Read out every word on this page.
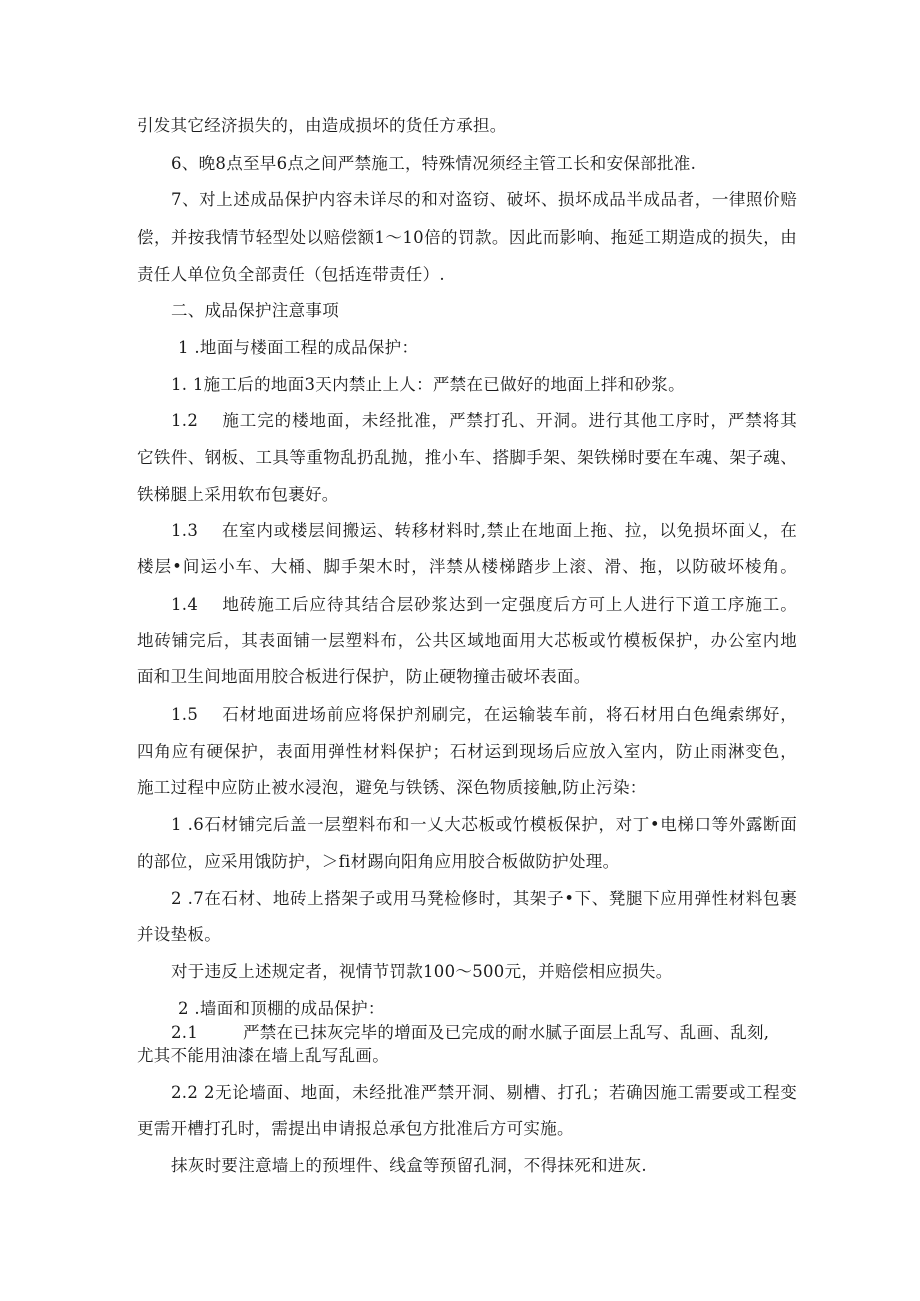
引发其它经济损失的，由造成损坏的货任方承担。
6、晚8点至早6点之间严禁施工，特殊情况须经主管工长和安保部批准.
7、对上述成品保护内容未详尽的和对盗窃、破坏、损坏成品半成品者，一律照价赔
偿，并按我情节轻型处以赔偿额1～10倍的罚款。因此而影响、拖延工期造成的损失，由
责任人单位负全部责任（包括连带责任）.
二、成品保护注意事项
1 .地面与楼面工程的成品保护：
1. 1施工后的地面3天内禁止上人：严禁在已做好的地面上拌和砂浆。
1.2　 施工完的楼地面，未经批准，严禁打孔、开洞。进行其他工序时，严禁将其
它铁件、钢板、工具等重物乱扔乱抛，推小车、搭脚手架、架铁梯时要在车魂、架子魂、
铁梯腿上采用软布包裹好。
1.3　 在室内或楼层间搬运、转移材料时,禁止在地面上拖、拉，以免损坏面乂，在
楼层•间运小车、大桶、脚手架木时，泮禁从楼梯踏步上滚、滑、拖，以防破坏棱角。
1.4　 地砖施工后应待其结合层砂浆达到一定强度后方可上人进行下道工序施工。
地砖铺完后，其表面铺一层塑料布，公共区域地面用大芯板或竹模板保护，办公室内地
面和卫生间地面用胶合板进行保护，防止硬物撞击破坏表面。
1.5　 石材地面进场前应将保护剂刷完，在运输装车前，将石材用白色绳索绑好，
四角应有硬保护，表面用弹性材料保护；石材运到现场后应放入室内，防止雨淋变色，
施工过程中应防止被水浸泡，避免与铁锈、深色物质接触,防止污染：
1 .6石材铺完后盖一层塑料布和一乂大芯板或竹模板保护，对丁•电梯口等外露断面
的部位，应采用饿防护，＞fi材踢向阳角应用胶合板做防护处理。
2 .7在石材、地砖上搭架子或用马凳检修时，其架子•下、凳腿下应用弹性材料包裹
并设垫板。
对于违反上述规定者，视情节罚款100～500元，并赔偿相应损失。
2 .墙面和顶棚的成品保护：
2.1	严禁在已抹灰完毕的增面及已完成的耐水腻子面层上乱写、乱画、乱刻,
尤其不能用油漆在墙上乱写乱画。
2.2 2无论墙面、地面，未经批准严禁开洞、剔槽、打孔；若确因施工需要或工程变
更需开槽打孔时，需提出申请报总承包方批准后方可实施。
抹灰时要注意墙上的预埋件、线盒等预留孔洞，不得抹死和进灰.
